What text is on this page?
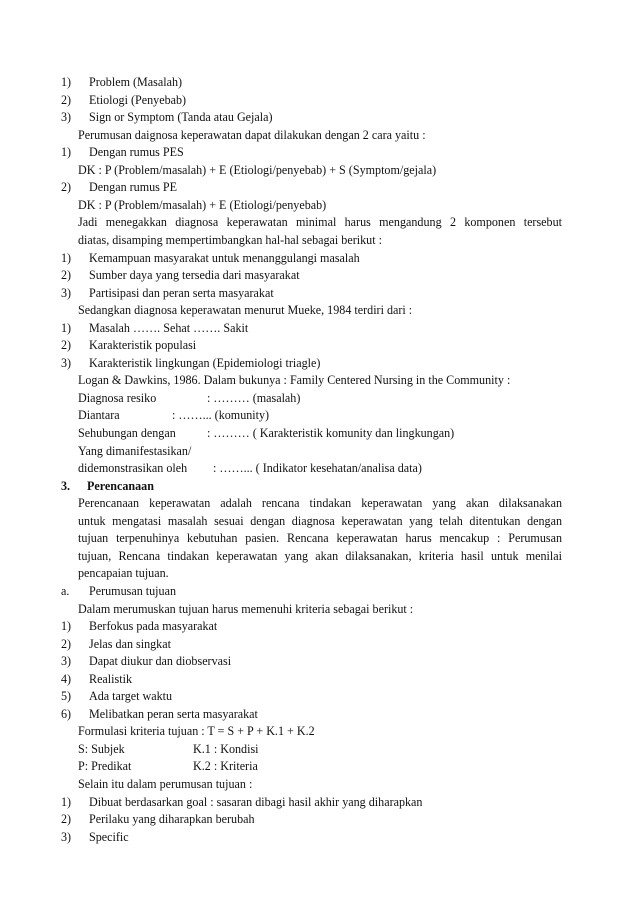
1) Problem (Masalah)
2) Etiologi (Penyebab)
3) Sign or Symptom (Tanda atau Gejala)
Perumusan daignosa keperawatan dapat dilakukan dengan 2 cara yaitu :
1) Dengan rumus PES
DK : P (Problem/masalah) + E (Etiologi/penyebab) + S (Symptom/gejala)
2) Dengan rumus PE
DK : P (Problem/masalah) + E (Etiologi/penyebab)
Jadi menegakkan diagnosa keperawatan minimal harus mengandung 2 komponen tersebut
diatas, disamping mempertimbangkan hal-hal sebagai berikut :
1) Kemampuan masyarakat untuk menanggulangi masalah
2) Sumber daya yang tersedia dari masyarakat
3) Partisipasi dan peran serta masyarakat
Sedangkan diagnosa keperawatan menurut Mueke, 1984 terdiri dari :
1) Masalah ……. Sehat ……. Sakit
2) Karakteristik populasi
3) Karakteristik lingkungan (Epidemiologi triagle)
Logan & Dawkins, 1986. Dalam bukunya : Family Centered Nursing in the Community :
Diagnosa resiko	: ……… (masalah)
Diantara	: ……... (komunity)
Sehubungan dengan	: ……… ( Karakteristik komunity dan lingkungan)
Yang dimanifestasikan/
didemonstrasikan oleh : ……... ( Indikator kesehatan/analisa data)
3. Perencanaan
Perencanaan keperawatan adalah rencana tindakan keperawatan yang akan dilaksanakan
untuk mengatasi masalah sesuai dengan diagnosa keperawatan yang telah ditentukan dengan
tujuan terpenuhinya kebutuhan pasien. Rencana keperawatan harus mencakup : Perumusan
tujuan, Rencana tindakan keperawatan yang akan dilaksanakan, kriteria hasil untuk menilai
pencapaian tujuan.
a. Perumusan tujuan
Dalam merumuskan tujuan harus memenuhi kriteria sebagai berikut :
1) Berfokus pada masyarakat
2) Jelas dan singkat
3) Dapat diukur dan diobservasi
4) Realistik
5) Ada target waktu
6) Melibatkan peran serta masyarakat
Formulasi kriteria tujuan : T = S + P + K.1 + K.2
S: Subjek	K.1 : Kondisi
P: Predikat	K.2 : Kriteria
Selain itu dalam perumusan tujuan :
1) Dibuat berdasarkan goal : sasaran dibagi hasil akhir yang diharapkan
2) Perilaku yang diharapkan berubah
3) Specific
